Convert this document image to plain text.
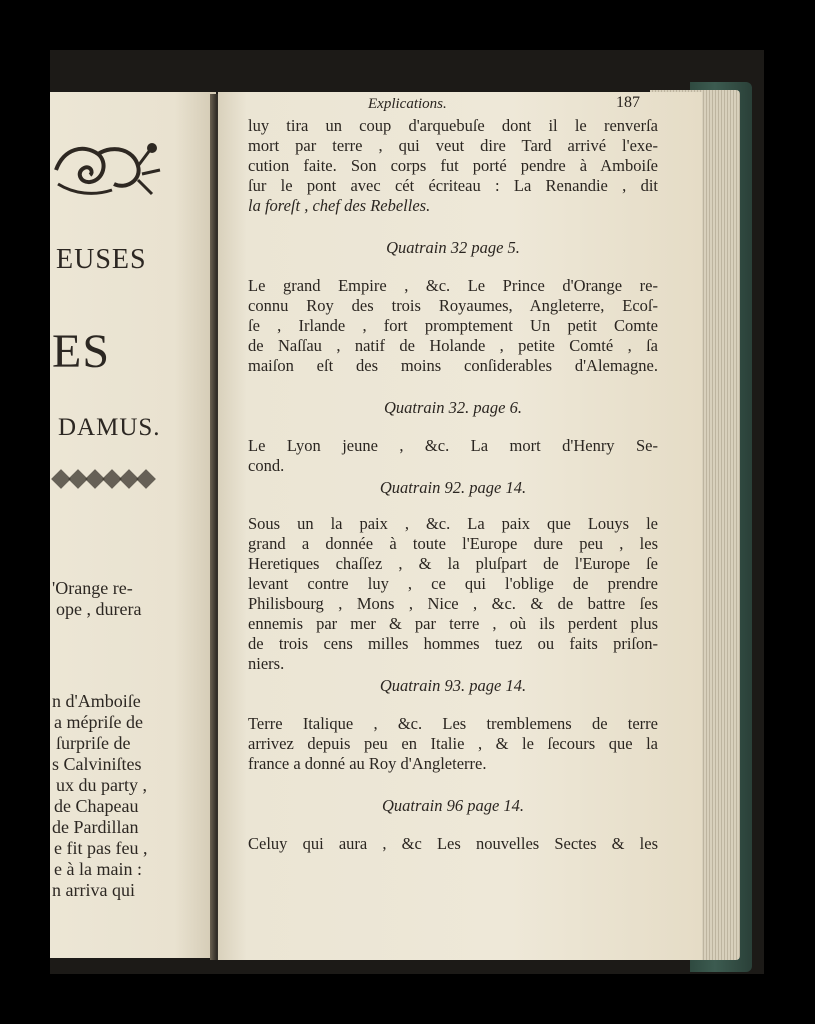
EUSES
ES
DAMUS.
'Orange re-
ope , durera
n d'Amboiſe
a mépriſe de
ſurpriſe de
s Calviniſtes
ux du party ,
de Chapeau
de Pardillan
e fit pas feu ,
e à la main :
n arriva qui
Explications.	187
luy tira un coup d'arquebuſe dont il le renverſa
mort par terre , qui veut dire Tard arrivé l'exe-
cution faite. Son corps fut porté pendre à Amboiſe
ſur le pont avec cét écriteau : La Renandie , dit
la foreſt , chef des Rebelles.
Quatrain 32 page 5.
Le grand Empire , &c. Le Prince d'Orange re-
connu Roy des trois Royaumes, Angleterre, Ecoſ-
ſe , Irlande , fort promptement Un petit Comte
de Naſſau , natif de Holande , petite Comté , ſa
maiſon eſt des moins conſiderables d'Alemagne.
Quatrain 32. page 6.
Le Lyon jeune , &c. La mort d'Henry Se-
cond.
Quatrain 92. page 14.
Sous un la paix , &c. La paix que Louys le
grand a donnée à toute l'Europe dure peu , les
Heretiques chaſſez , & la pluſpart de l'Europe ſe
levant contre luy , ce qui l'oblige de prendre
Philisbourg , Mons , Nice , &c. & de battre ſes
ennemis par mer & par terre , où ils perdent plus
de trois cens milles hommes tuez ou faits priſon-
niers.
Quatrain 93. page 14.
Terre Italique , &c. Les tremblemens de terre
arrivez depuis peu en Italie , & le ſecours que la
france a donné au Roy d'Angleterre.
Quatrain 96 page 14.
Celuy qui aura , &c Les nouvelles Sectes & les
